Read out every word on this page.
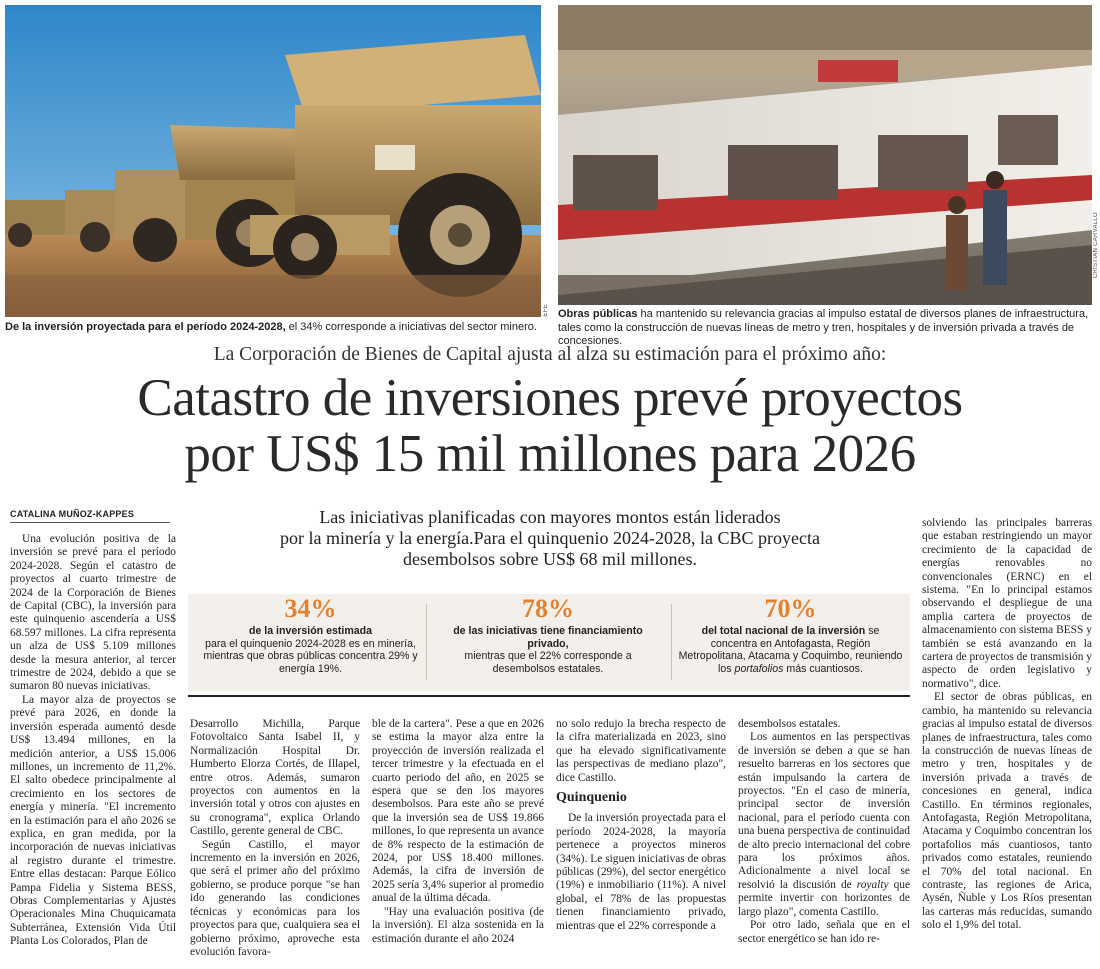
EFE
CRISTIAN CARVALLO
De la inversión proyectada para el período 2024-2028, el 34% corresponde a iniciativas del sector minero.
Obras públicas ha mantenido su relevancia gracias al impulso estatal de diversos planes de infraestructura, tales como la construcción de nuevas líneas de metro y tren, hospitales y de inversión privada a través de concesiones.
La Corporación de Bienes de Capital ajusta al alza su estimación para el próximo año:
Catastro de inversiones prevé proyectos
por US$ 15 mil millones para 2026
CATALINA MUÑOZ-KAPPES	Las iniciativas planificadas con mayores montos están liderados
por la minería y la energía.Para el quinquenio 2024-2028, la CBC proyecta
desembolsos sobre US$ 68 mil millones.
34%
de la inversión estimada
para el quinquenio 2024-2028 es en minería, mientras que obras públicas concentra 29% y energía 19%.
78%
de las iniciativas tiene financiamiento privado,
mientras que el 22% corresponde a desembolsos estatales.
70%
del total nacional de la inversión se concentra en Antofagasta, Región Metropolitana, Atacama y Coquimbo, reuniendo los portafolios más cuantiosos.

Una evolución positiva de la inversión se prevé para el período 2024-2028. Según el catastro de proyectos al cuarto trimestre de 2024 de la Corporación de Bienes de Capital (CBC), la inversión para este quinquenio ascendería a US$ 68.597 millones. La cifra representa un alza de US$ 5.109 millones desde la mesura anterior, al tercer trimestre de 2024, debido a que se sumaron 80 nuevas iniciativas.

La mayor alza de proyectos se prevé para 2026, en donde la inversión esperada aumentó desde US$ 13.494 millones, en la medición anterior, a US$ 15.006 millones, un incremento de 11,2%. El salto obedece principalmente al crecimiento en los sectores de energía y minería. "El incremento en la estimación para el año 2026 se explica, en gran medida, por la incorporación de nuevas iniciativas al registro durante el trimestre. Entre ellas destacan: Parque Eólico Pampa Fidelia y Sistema BESS, Obras Complementarias y Ajustes Operacionales Mina Chuquicamata Subterránea, Extensión Vida Útil Planta Los Colorados, Plan de

Desarrollo Michilla, Parque Fotovoltaico Santa Isabel II, y Normalización Hospital Dr. Humberto Elorza Cortés, de Illapel, entre otros. Además, sumaron proyectos con aumentos en la inversión total y otros con ajustes en su cronograma", explica Orlando Castillo, gerente general de CBC.

Según Castillo, el mayor incremento en la inversión en 2026, que será el primer año del próximo gobierno, se produce porque "se han ido generando las condiciones técnicas y económicas para los proyectos para que, cualquiera sea el gobierno próximo, aproveche esta evolución favora-

ble de la cartera". Pese a que en 2026 se estima la mayor alza entre la proyección de inversión realizada el tercer trimestre y la efectuada en el cuarto periodo del año, en 2025 se espera que se den los mayores desembolsos. Para este año se prevé que la inversión sea de US$ 19.866 millones, lo que representa un avance de 8% respecto de la estimación de 2024, por US$ 18.400 millones. Además, la cifra de inversión de 2025 sería 3,4% superior al promedio anual de la última década.

"Hay una evaluación positiva (de la inversión). El alza sostenida en la estimación durante el año 2024

no solo redujo la brecha respecto de la cifra materializada en 2023, sino que ha elevado significativamente las perspectivas de mediano plazo", dice Castillo.

Quinquenio

De la inversión proyectada para el período 2024-2028, la mayoría pertenece a proyectos mineros (34%). Le siguen iniciativas de obras públicas (29%), del sector energético (19%) e inmobiliario (11%). A nivel global, el 78% de las propuestas tienen financiamiento privado, mientras que el 22% corresponde a

desembolsos estatales.

Los aumentos en las perspectivas de inversión se deben a que se han resuelto barreras en los sectores que están impulsando la cartera de proyectos. "En el caso de minería, principal sector de inversión nacional, para el período cuenta con una buena perspectiva de continuidad de alto precio internacional del cobre para los próximos años. Adicionalmente a nivel local se resolvió la discusión de royalty que permite invertir con horizontes de largo plazo", comenta Castillo.

Por otro lado, señala que en el sector energético se han ido re-

solviendo las principales barreras que estaban restringiendo un mayor crecimiento de la capacidad de energías renovables no convencionales (ERNC) en el sistema. "En lo principal estamos observando el despliegue de una amplia cartera de proyectos de almacenamiento con sistema BESS y también se está avanzando en la cartera de proyectos de transmisión y aspecto de orden legislativo y normativo", dice.

El sector de obras públicas, en cambio, ha mantenido su relevancia gracias al impulso estatal de diversos planes de infraestructura, tales como la construcción de nuevas líneas de metro y tren, hospitales y de inversión privada a través de concesiones en general, indica Castillo. En términos regionales, Antofagasta, Región Metropolitana, Atacama y Coquimbo concentran los portafolios más cuantiosos, tanto privados como estatales, reuniendo el 70% del total nacional. En contraste, las regiones de Arica, Aysén, Ñuble y Los Ríos presentan las carteras más reducidas, sumando solo el 1,9% del total.
